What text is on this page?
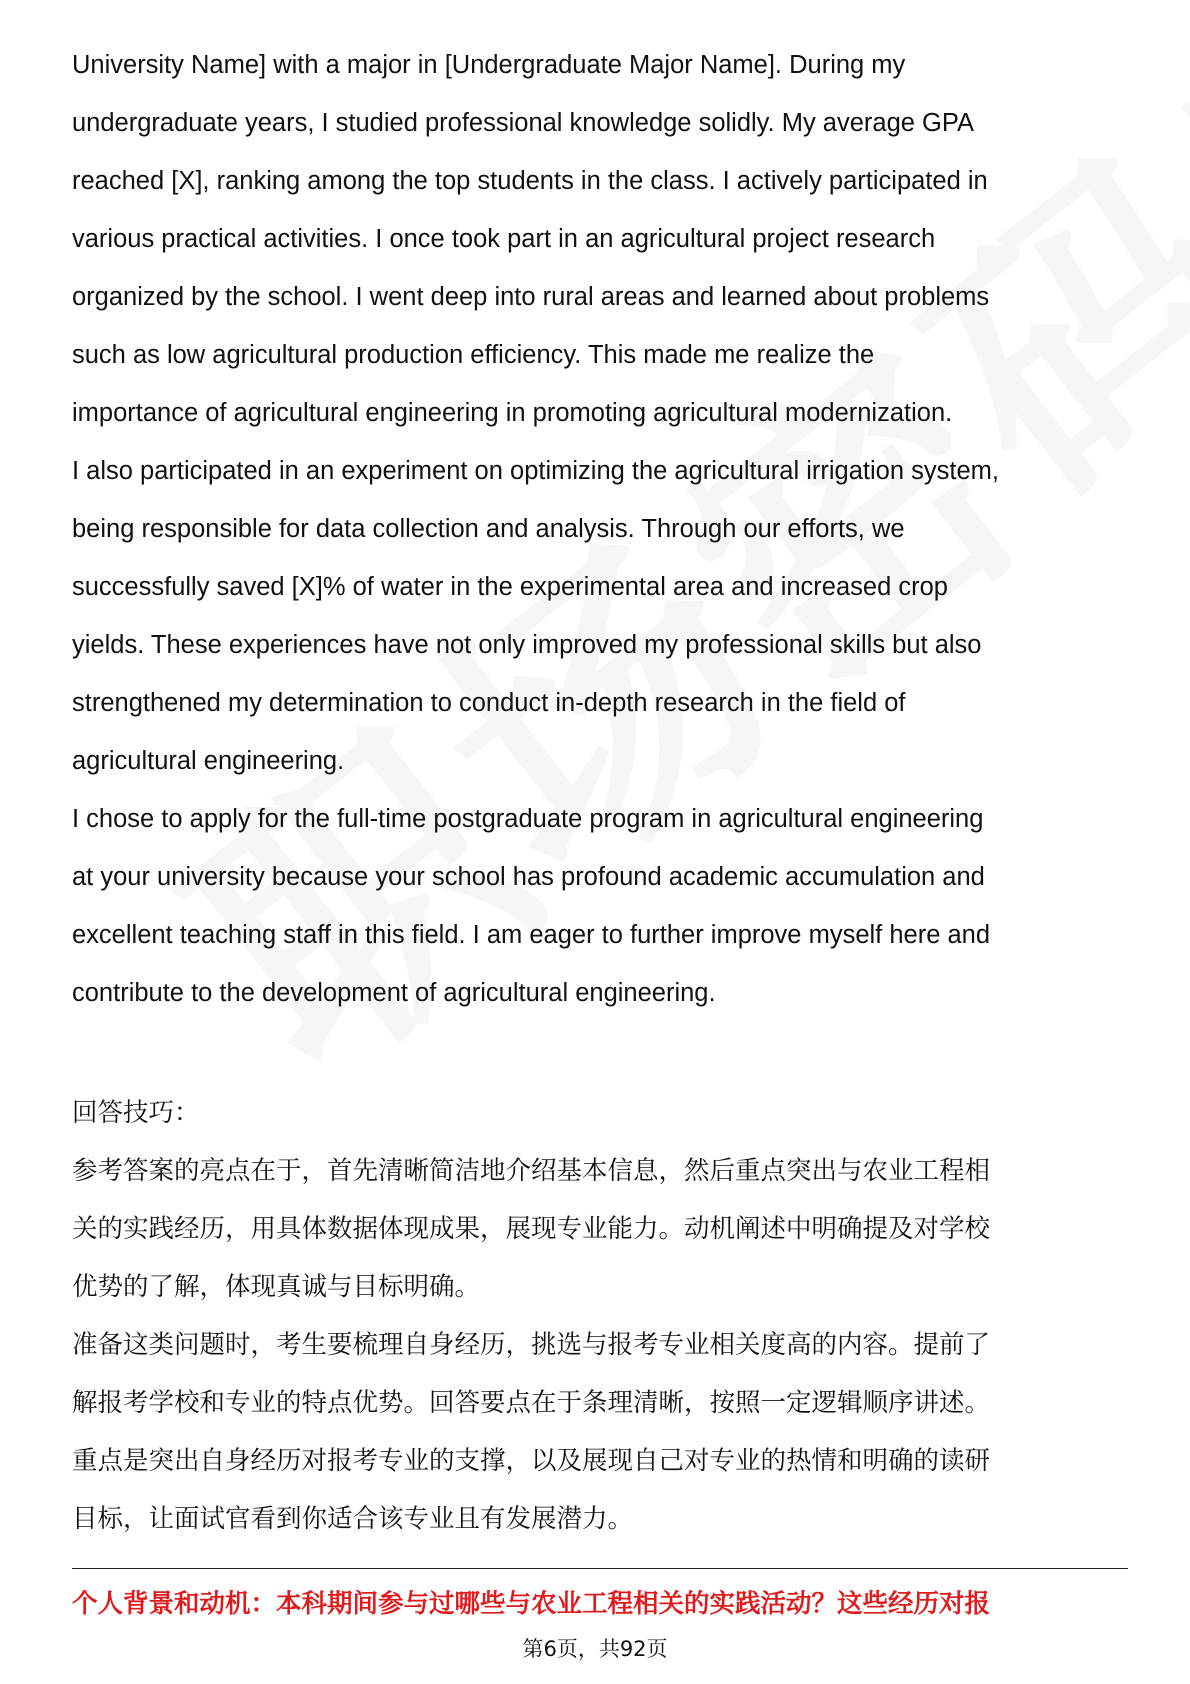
University Name] with a major in [Undergraduate Major Name]. During my
undergraduate years, I studied professional knowledge solidly. My average GPA
reached [X], ranking among the top students in the class. I actively participated in
various practical activities. I once took part in an agricultural project research
organized by the school. I went deep into rural areas and learned about problems
such as low agricultural production efficiency. This made me realize the
importance of agricultural engineering in promoting agricultural modernization.
I also participated in an experiment on optimizing the agricultural irrigation system,
being responsible for data collection and analysis. Through our efforts, we
successfully saved [X]% of water in the experimental area and increased crop
yields. These experiences have not only improved my professional skills but also
strengthened my determination to conduct in-depth research in the field of
agricultural engineering.
I chose to apply for the full-time postgraduate program in agricultural engineering
at your university because your school has profound academic accumulation and
excellent teaching staff in this field. I am eager to further improve myself here and
contribute to the development of agricultural engineering.
回答技巧：
参考答案的亮点在于，首先清晰简洁地介绍基本信息，然后重点突出与农业工程相
关的实践经历，用具体数据体现成果，展现专业能力。动机阐述中明确提及对学校
优势的了解，体现真诚与目标明确。
准备这类问题时，考生要梳理自身经历，挑选与报考专业相关度高的内容。提前了
解报考学校和专业的特点优势。回答要点在于条理清晰，按照一定逻辑顺序讲述。
重点是突出自身经历对报考专业的支撑，以及展现自己对专业的热情和明确的读研
目标，让面试官看到你适合该专业且有发展潜力。
个人背景和动机：本科期间参与过哪些与农业工程相关的实践活动？这些经历对报
第6页，共92页
